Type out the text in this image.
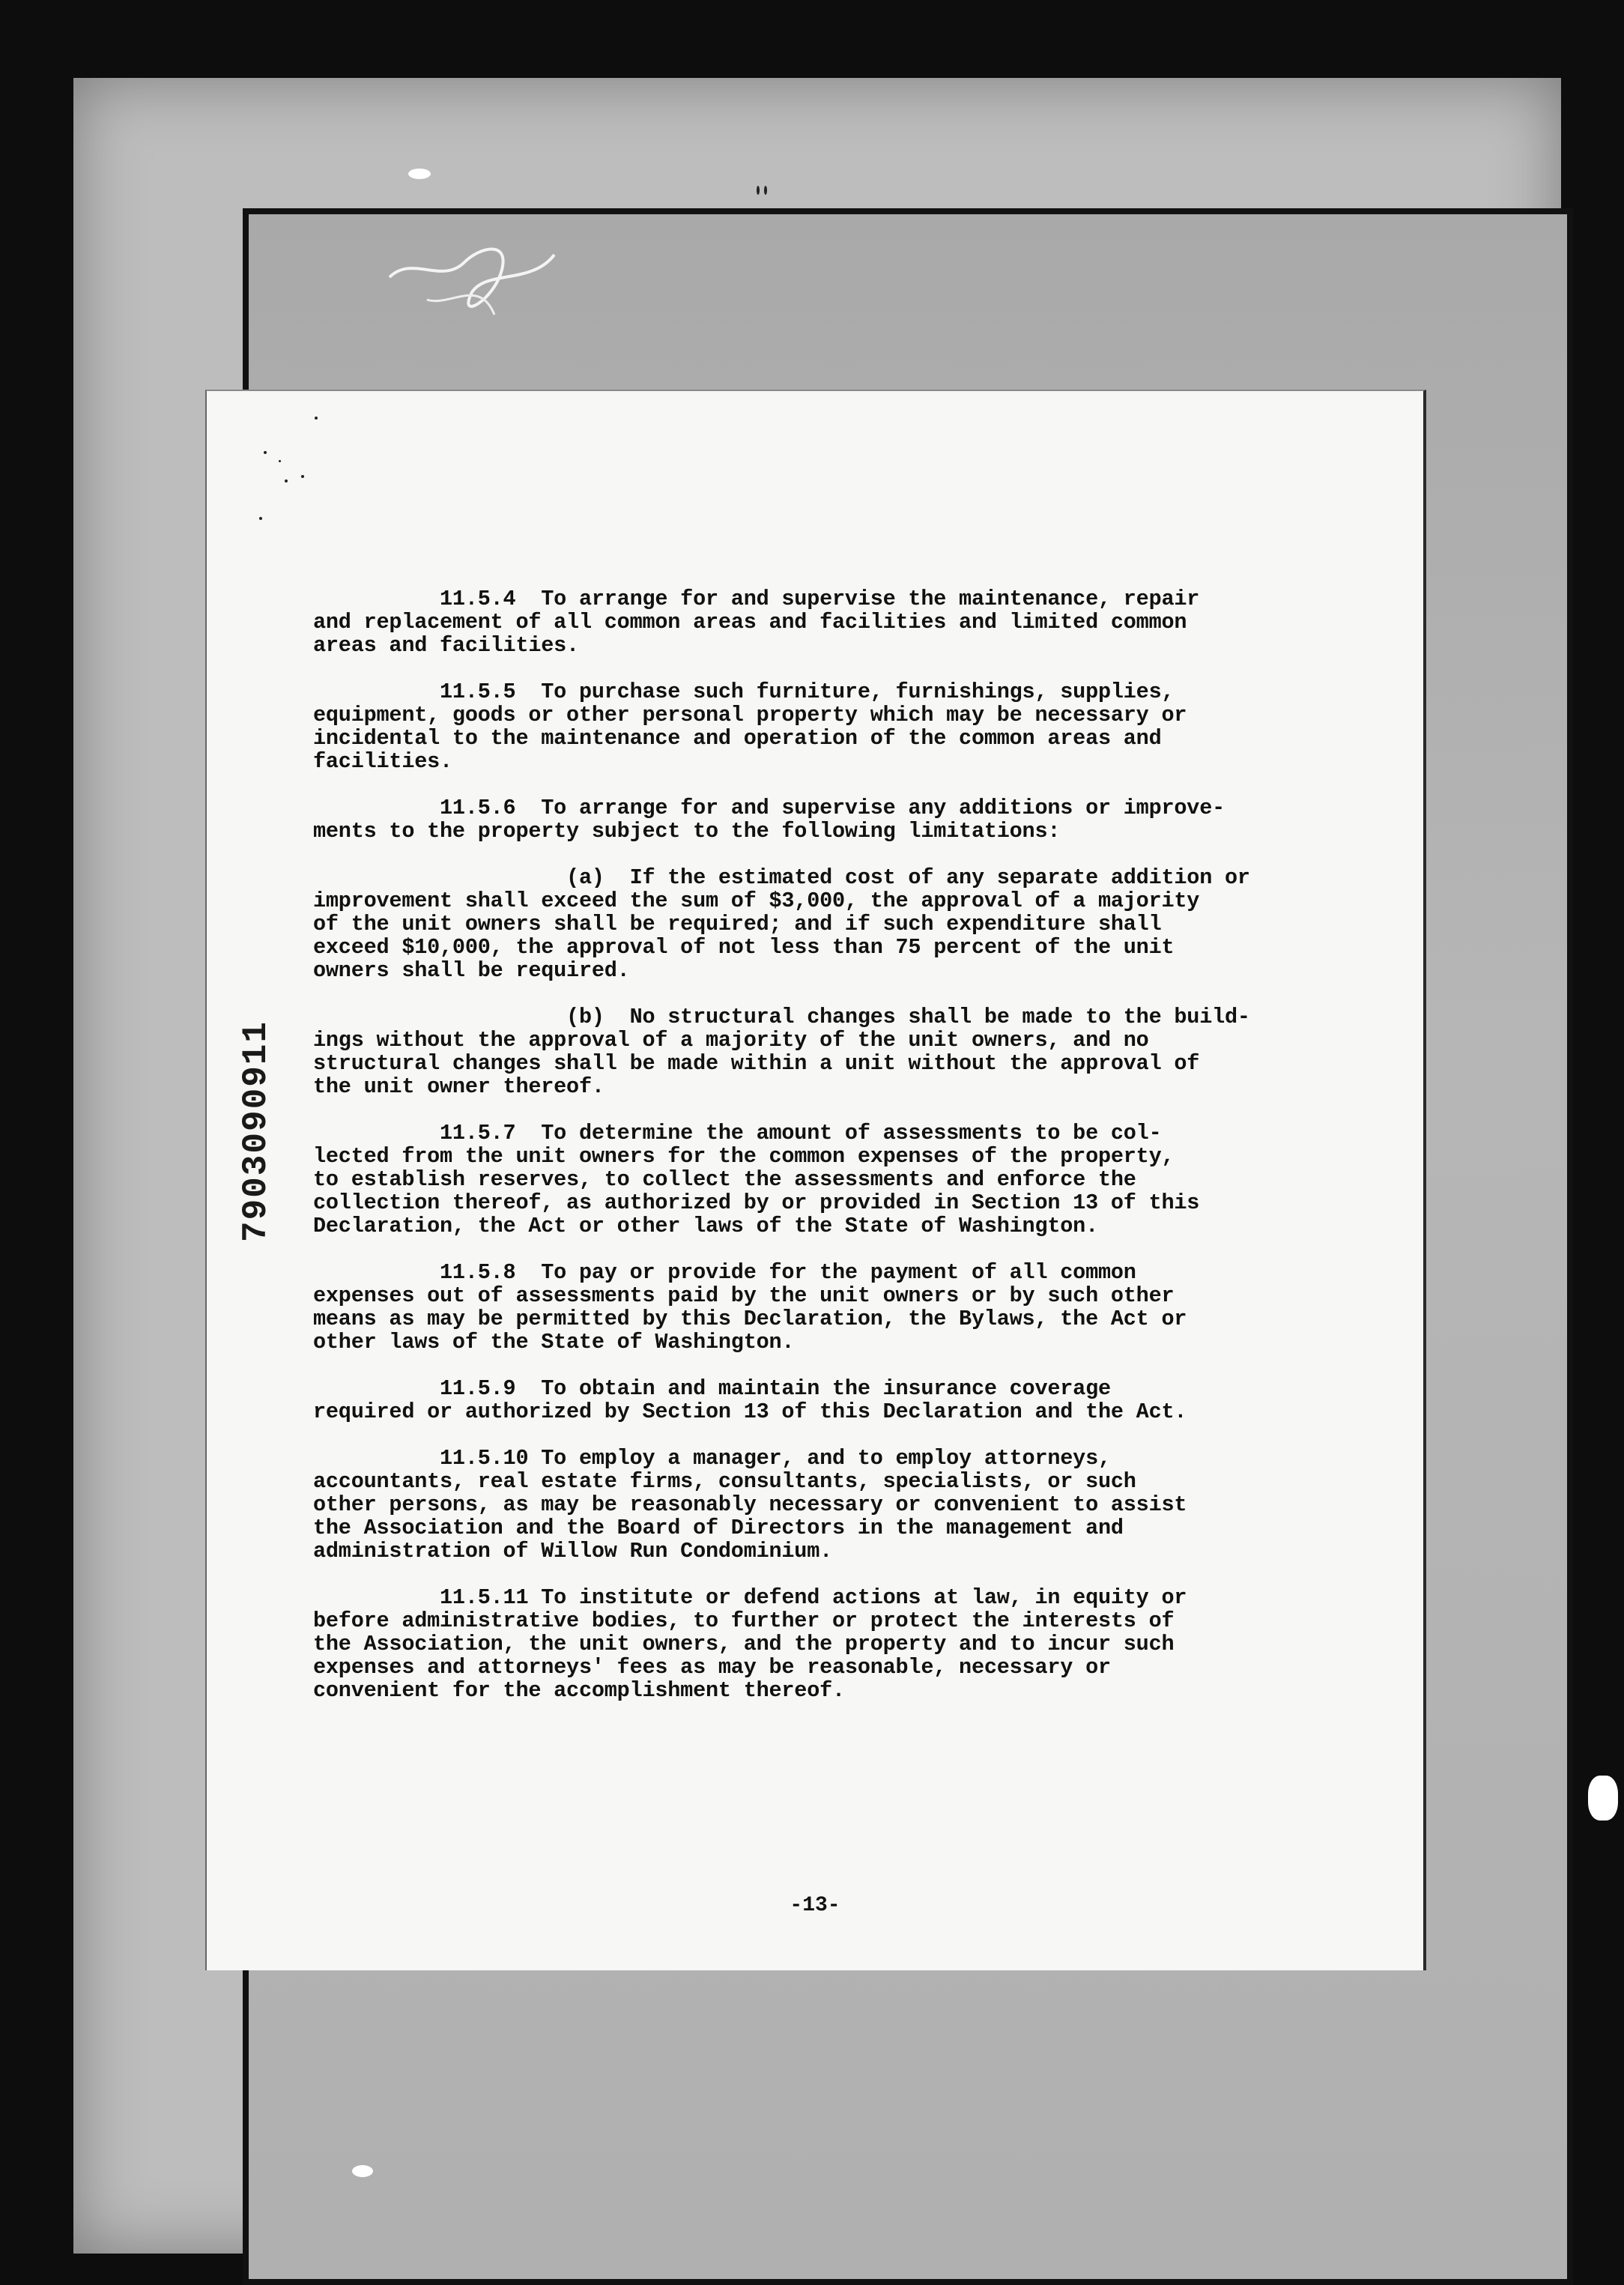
11.5.4  To arrange for and supervise the maintenance, repair
and replacement of all common areas and facilities and limited common
areas and facilities.

11.5.5  To purchase such furniture, furnishings, supplies,
equipment, goods or other personal property which may be necessary or
incidental to the maintenance and operation of the common areas and
facilities.

11.5.6  To arrange for and supervise any additions or improve-
ments to the property subject to the following limitations:

(a)  If the estimated cost of any separate addition or
improvement shall exceed the sum of $3,000, the approval of a majority
of the unit owners shall be required; and if such expenditure shall
exceed $10,000, the approval of not less than 75 percent of the unit
owners shall be required.

(b)  No structural changes shall be made to the build-
ings without the approval of a majority of the unit owners, and no
structural changes shall be made within a unit without the approval of
the unit owner thereof.

11.5.7  To determine the amount of assessments to be col-
lected from the unit owners for the common expenses of the property,
to establish reserves, to collect the assessments and enforce the
collection thereof, as authorized by or provided in Section 13 of this
Declaration, the Act or other laws of the State of Washington.

11.5.8  To pay or provide for the payment of all common
expenses out of assessments paid by the unit owners or by such other
means as may be permitted by this Declaration, the Bylaws, the Act or
other laws of the State of Washington.

11.5.9  To obtain and maintain the insurance coverage
required or authorized by Section 13 of this Declaration and the Act.

11.5.10 To employ a manager, and to employ attorneys,
accountants, real estate firms, consultants, specialists, or such
other persons, as may be reasonably necessary or convenient to assist
the Association and the Board of Directors in the management and
administration of Willow Run Condominium.

11.5.11 To institute or defend actions at law, in equity or
before administrative bodies, to further or protect the interests of
the Association, the unit owners, and the property and to incur such
expenses and attorneys' fees as may be reasonable, necessary or
convenient for the accomplishment thereof.

-13-
7903090911
